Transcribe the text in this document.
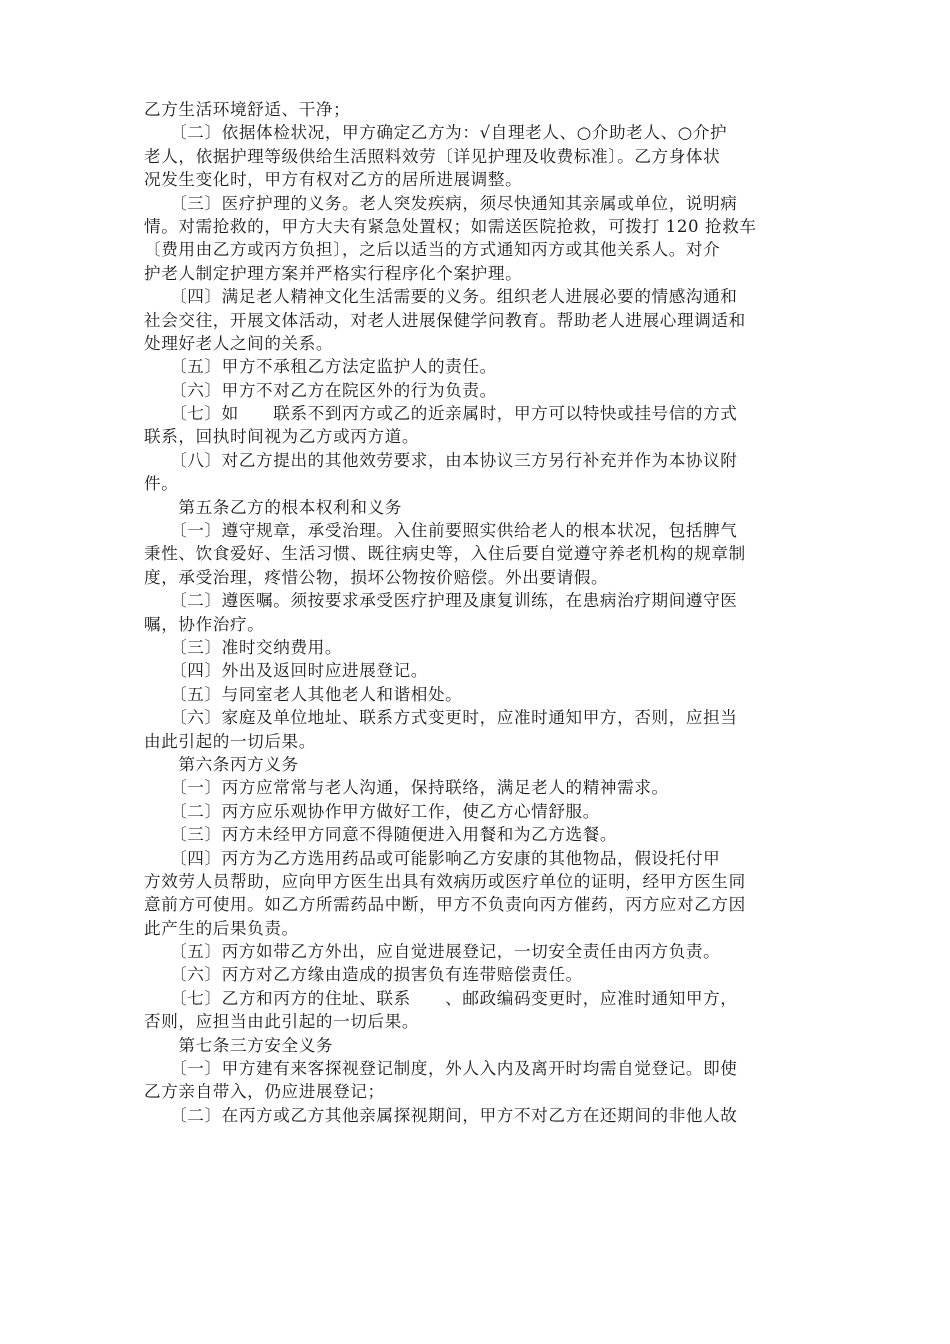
乙方生活环境舒适、干净；
　　〔二〕依据体检状况，甲方确定乙方为：√自理老人、○介助老人、○介护
老人，依据护理等级供给生活照料效劳〔详见护理及收费标准〕。乙方身体状
况发生变化时，甲方有权对乙方的居所进展调整。
　　〔三〕医疗护理的义务。老人突发疾病，须尽快通知其亲属或单位，说明病
情。对需抢救的，甲方大夫有紧急处置权；如需送医院抢救，可拨打 120 抢救车
〔费用由乙方或丙方负担〕，之后以适当的方式通知丙方或其他关系人。对介
护老人制定护理方案并严格实行程序化个案护理。
　　〔四〕满足老人精神文化生活需要的义务。组织老人进展必要的情感沟通和
社会交往，开展文体活动，对老人进展保健学问教育。帮助老人进展心理调适和
处理好老人之间的关系。
　　〔五〕甲方不承租乙方法定监护人的责任。
　　〔六〕甲方不对乙方在院区外的行为负责。
　　〔七〕如　　联系不到丙方或乙的近亲属时，甲方可以特快或挂号信的方式
联系，回执时间视为乙方或丙方道。
　　〔八〕对乙方提出的其他效劳要求，由本协议三方另行补充并作为本协议附
件。
　　第五条乙方的根本权利和义务
　　〔一〕遵守规章，承受治理。入住前要照实供给老人的根本状况，包括脾气
秉性、饮食爱好、生活习惯、既往病史等，入住后要自觉遵守养老机构的规章制
度，承受治理，疼惜公物，损坏公物按价赔偿。外出要请假。
　　〔二〕遵医嘱。须按要求承受医疗护理及康复训练，在患病治疗期间遵守医
嘱，协作治疗。
　　〔三〕准时交纳费用。
　　〔四〕外出及返回时应进展登记。
　　〔五〕与同室老人其他老人和谐相处。
　　〔六〕家庭及单位地址、联系方式变更时，应准时通知甲方，否则，应担当
由此引起的一切后果。
　　第六条丙方义务
　　〔一〕丙方应常常与老人沟通，保持联络，满足老人的精神需求。
　　〔二〕丙方应乐观协作甲方做好工作，使乙方心情舒服。
　　〔三〕丙方未经甲方同意不得随便进入用餐和为乙方选餐。
　　〔四〕丙方为乙方选用药品或可能影响乙方安康的其他物品，假设托付甲
方效劳人员帮助，应向甲方医生出具有效病历或医疗单位的证明，经甲方医生同
意前方可使用。如乙方所需药品中断，甲方不负责向丙方催药，丙方应对乙方因
此产生的后果负责。
　　〔五〕丙方如带乙方外出，应自觉进展登记，一切安全责任由丙方负责。
　　〔六〕丙方对乙方缘由造成的损害负有连带赔偿责任。
　　〔七〕乙方和丙方的住址、联系　　、邮政编码变更时，应准时通知甲方，
否则，应担当由此引起的一切后果。
　　第七条三方安全义务
　　〔一〕甲方建有来客探视登记制度，外人入内及离开时均需自觉登记。即使
乙方亲自带入，仍应进展登记；
　　〔二〕在丙方或乙方其他亲属探视期间，甲方不对乙方在还期间的非他人故
